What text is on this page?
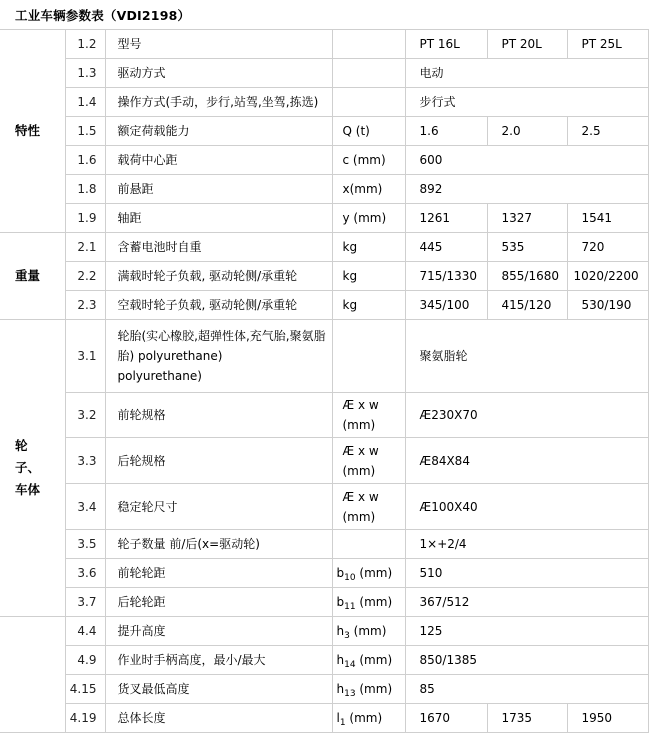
工业车辆参数表（VDI2198）
特性	1.2	型号		PT 16L	PT 20L	PT 25L
	1.3	驱动方式		电动		
	1.4	操作方式(手动，步行,站驾,坐驾,拣选)		步行式		
	1.5	额定荷载能力	Q (t)	1.6	2.0	2.5
	1.6	载荷中心距	c (mm)	600		
	1.8	前悬距	x(mm)	892		
	1.9	轴距	y (mm)	1261	1327	1541
重量	2.1	含蓄电池时自重	kg	445	535	720
	2.2	满载时轮子负载, 驱动轮侧/承重轮	kg	715/1330	855/1680	1020/2200
	2.3	空载时轮子负载, 驱动轮侧/承重轮	kg	345/100	415/120	530/190
轮子、车体	3.1	轮胎(实心橡胶,超弹性体,充气胎,聚氨脂
胎) polyurethane)
polyurethane)		聚氨脂轮		
	3.2	前轮规格	Æ x w
(mm)	Æ230X70		
	3.3	后轮规格	Æ x w
(mm)	Æ84X84		
	3.4	稳定轮尺寸	Æ x w
(mm)	Æ100X40		
	3.5	轮子数量 前/后(x=驱动轮)		1×+2/4		
	3.6	前轮轮距	$b_{10}$ (mm)	510		
	3.7	后轮轮距	$b_{11}$ (mm)	367/512		
	4.4	提升高度	$h_3$ (mm)	125		
	4.9	作业时手柄高度，最小/最大	$h_{14}$ (mm)	850/1385		
	4.15	货叉最低高度	$h_{13}$ (mm)	85		
	4.19	总体长度	$l_1$ (mm)	1670	1735	1950
